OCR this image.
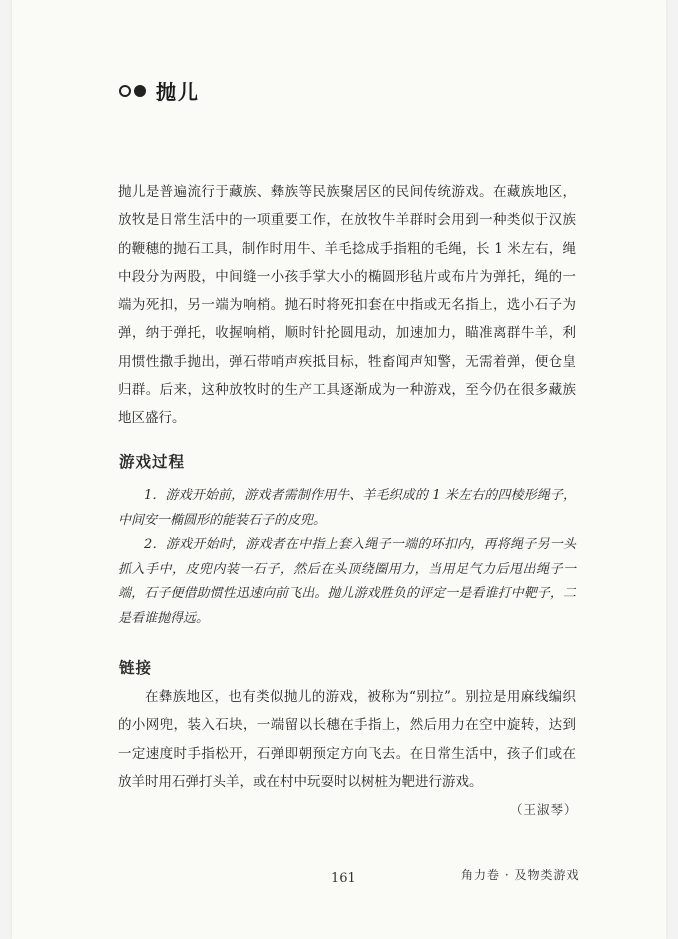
抛儿
抛儿是普遍流行于藏族、彝族等民族聚居区的民间传统游戏。在藏族地区，放牧是日常生活中的一项重要工作，在放牧牛羊群时会用到一种类似于汉族的鞭穗的抛石工具，制作时用牛、羊毛捻成手指粗的毛绳，长 1 米左右，绳中段分为两股，中间缝一小孩手掌大小的椭圆形毡片或布片为弹托，绳的一端为死扣，另一端为响梢。抛石时将死扣套在中指或无名指上，选小石子为弹，纳于弹托，收握响梢，顺时针抡圆甩动，加速加力，瞄准离群牛羊，利用惯性撒手抛出，弹石带哨声疾抵目标，牲畜闻声知警，无需着弹，便仓皇归群。后来，这种放牧时的生产工具逐渐成为一种游戏，至今仍在很多藏族地区盛行。
游戏过程

1．游戏开始前，游戏者需制作用牛、羊毛织成的 1 米左右的四棱形绳子，中间安一椭圆形的能装石子的皮兜。

2．游戏开始时，游戏者在中指上套入绳子一端的环扣内，再将绳子另一头抓入手中，皮兜内装一石子，然后在头顶绕圈用力，当用足气力后甩出绳子一端，石子便借助惯性迅速向前飞出。抛儿游戏胜负的评定一是看谁打中靶子，二是看谁抛得远。

链接

在彝族地区，也有类似抛儿的游戏，被称为“别拉”。别拉是用麻线编织的小网兜，装入石块，一端留以长穗在手指上，然后用力在空中旋转，达到一定速度时手指松开，石弹即朝预定方向飞去。在日常生活中，孩子们或在放羊时用石弹打头羊，或在村中玩耍时以树桩为靶进行游戏。

（王淑琴）
161	角力卷 · 及物类游戏
